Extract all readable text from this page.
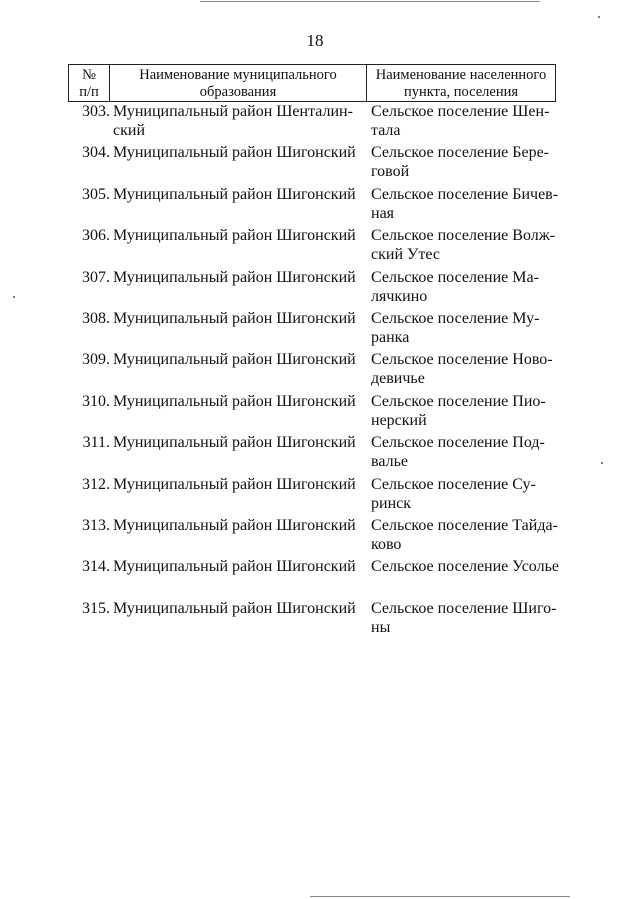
18
№
п/п
Наименование муниципального
образования
Наименование населенного
пункта, поселения
303. Муниципальный район Шенталин-
ский
Сельское поселение Шен-
тала
304. Муниципальный район Шигонский Сельское поселение Бере-
говой
305. Муниципальный район Шигонский Сельское поселение Бичев-
ная
306. Муниципальный район Шигонский Сельское поселение Волж-
ский Утес
307. Муниципальный район Шигонский Сельское поселение Ма-
лячкино
308. Муниципальный район Шигонский Сельское поселение Му-
ранка
309. Муниципальный район Шигонский Сельское поселение Ново-
девичье
310. Муниципальный район Шигонский Сельское поселение Пио-
нерский
311. Муниципальный район Шигонский Сельское поселение Под-
валье
312. Муниципальный район Шигонский Сельское поселение Су-
ринск
313. Муниципальный район Шигонский Сельское поселение Тайда-
ково
314. Муниципальный район Шигонский Сельское поселение Усолье
315. Муниципальный район Шигонский Сельское поселение Шиго-
ны
